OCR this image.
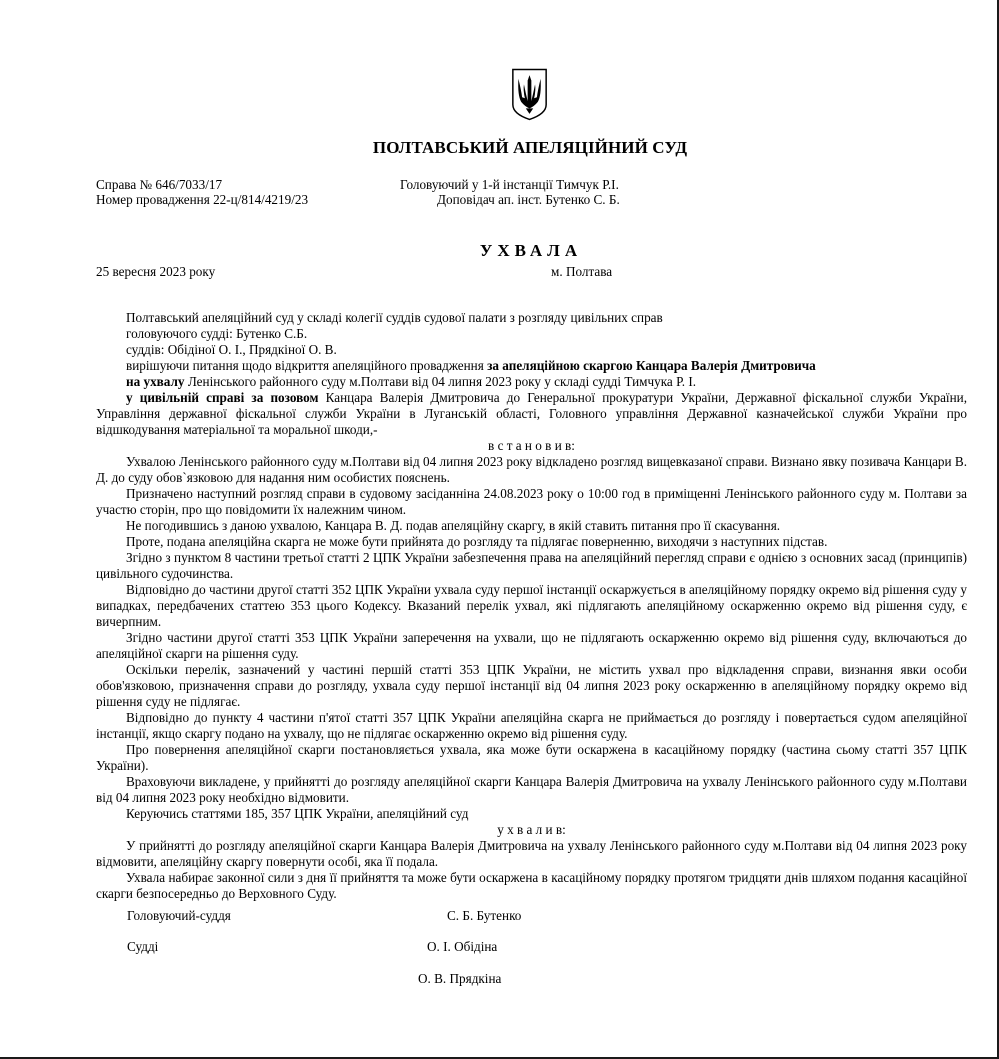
ПОЛТАВСЬКИЙ АПЕЛЯЦІЙНИЙ СУД
Справа № 646/7033/17
Номер провадження 22-ц/814/4219/23
Головуючий у 1-й інстанції Тимчук Р.І.
Доповідач ап. інст. Бутенко С. Б.
УХВАЛА
25 вересня 2023 року	м. Полтава

Полтавський апеляційний суд у складі колегії суддів судової палати з розгляду цивільних справ

головуючого судді: Бутенко С.Б.

суддів: Обідіної О. І., Прядкіної О. В.

вирішуючи питання щодо відкриття апеляційного провадження за апеляційною скаргою Канцара Валерія Дмитровича

на ухвалу Ленінського районного суду м.Полтави від 04 липня 2023 року у складі судді Тимчука Р. І.

у цивільній справі за позовом Канцара Валерія Дмитровича до Генеральної прокуратури України, Державної фіскальної служби України, Управління державної фіскальної служби України в Луганській області, Головного управління Державної казначейської служби України про відшкодування матеріальної та моральної шкоди,-

в с т а н о в и в:

Ухвалою Ленінського районного суду м.Полтави від 04 липня 2023 року відкладено розгляд вищевказаної справи. Визнано явку позивача Канцари В. Д. до суду обов`язковою для надання ним особистих пояснень.

Призначено наступний розгляд справи в судовому засіданніна 24.08.2023 року о 10:00 год в приміщенні Ленінського районного суду м. Полтави за участю сторін, про що повідомити їх належним чином.

Не погодившись з даною ухвалою, Канцара В. Д. подав апеляційну скаргу, в якій ставить питання про її скасування.

Проте, подана апеляційна скарга не може бути прийнята до розгляду та підлягає поверненню, виходячи з наступних підстав.

Згідно з пунктом 8 частини третьої статті 2 ЦПК України забезпечення права на апеляційний перегляд справи є однією з основних засад (принципів) цивільного судочинства.

Відповідно до частини другої статті 352 ЦПК України ухвала суду першої інстанції оскаржується в апеляційному порядку окремо від рішення суду у випадках, передбачених статтею 353 цього Кодексу. Вказаний перелік ухвал, які підлягають апеляційному оскарженню окремо від рішення суду, є вичерпним.

Згідно частини другої статті 353 ЦПК України заперечення на ухвали, що не підлягають оскарженню окремо від рішення суду, включаються до апеляційної скарги на рішення суду.

Оскільки перелік, зазначений у частині першій статті 353 ЦПК України, не містить ухвал про відкладення справи, визнання явки особи обов'язковою, призначення справи до розгляду, ухвала суду першої інстанції від 04 липня 2023 року оскарженню в апеляційному порядку окремо від рішення суду не підлягає.

Відповідно до пункту 4 частини п'ятої статті 357 ЦПК України апеляційна скарга не приймається до розгляду і повертається судом апеляційної інстанції, якщо скаргу подано на ухвалу, що не підлягає оскарженню окремо від рішення суду.

Про повернення апеляційної скарги постановляється ухвала, яка може бути оскаржена в касаційному порядку (частина сьому статті 357 ЦПК України).

Враховуючи викладене, у прийнятті до розгляду апеляційної скарги Канцара Валерія Дмитровича на ухвалу Ленінського районного суду м.Полтави від 04 липня 2023 року необхідно відмовити.

Керуючись статтями 185, 357 ЦПК України, апеляційний суд

у х в а л и в:

У прийнятті до розгляду апеляційної скарги Канцара Валерія Дмитровича на ухвалу Ленінського районного суду м.Полтави від 04 липня 2023 року відмовити, апеляційну скаргу повернути особі, яка її подала.

Ухвала набирає законної сили з дня її прийняття та може бути оскаржена в касаційному порядку протягом тридцяти днів шляхом подання касаційної скарги безпосередньо до Верховного Суду.

Головуючий-суддя	С. Б. Бутенко
Судді	О. І. Обідіна
О. В. Прядкіна
